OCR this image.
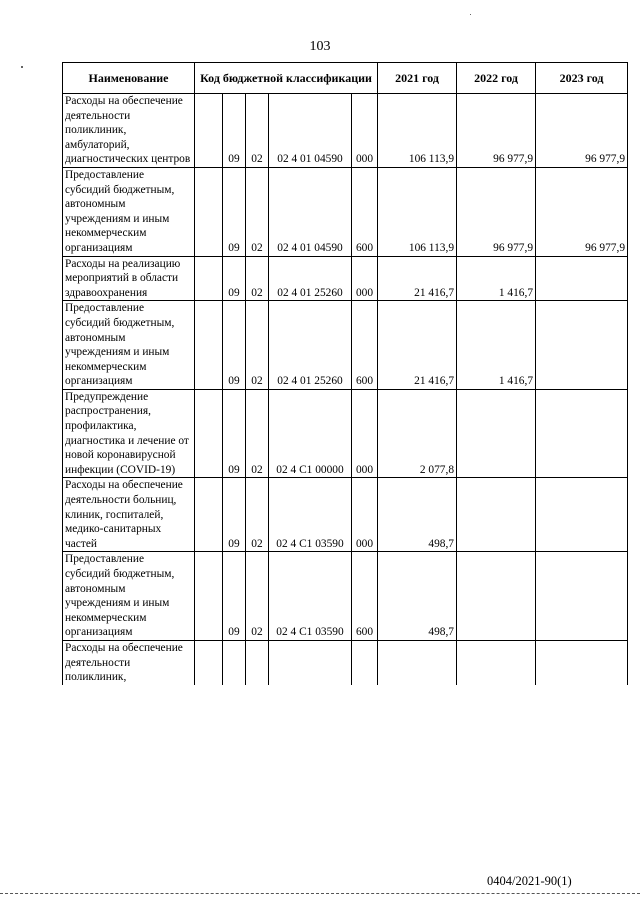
103
Наименование	Код бюджетной классификации					2021 год	2022 год	2023 год
Расходы на обеспечение деятельности поликлиник, амбулаторий, диагностических центров		09	02	02 4 01 04590	000	106 113,9	96 977,9	96 977,9
Предоставление субсидий бюджетным, автономным учреждениям и иным некоммерческим организациям		09	02	02 4 01 04590	600	106 113,9	96 977,9	96 977,9
Расходы на реализацию мероприятий в области здравоохранения		09	02	02 4 01 25260	000	21 416,7	1 416,7	
Предоставление субсидий бюджетным, автономным учреждениям и иным некоммерческим организациям		09	02	02 4 01 25260	600	21 416,7	1 416,7	
Предупреждение распространения, профилактика, диагностика и лечение от новой коронавирусной инфекции (COVID-19)		09	02	02 4 C1 00000	000	2 077,8		
Расходы на обеспечение деятельности больниц, клиник, госпиталей, медико-санитарных частей		09	02	02 4 C1 03590	000	498,7		
Предоставление субсидий бюджетным, автономным учреждениям и иным некоммерческим организациям		09	02	02 4 C1 03590	600	498,7		
Расходы на обеспечение деятельности поликлиник,								
0404/2021-90(1)
